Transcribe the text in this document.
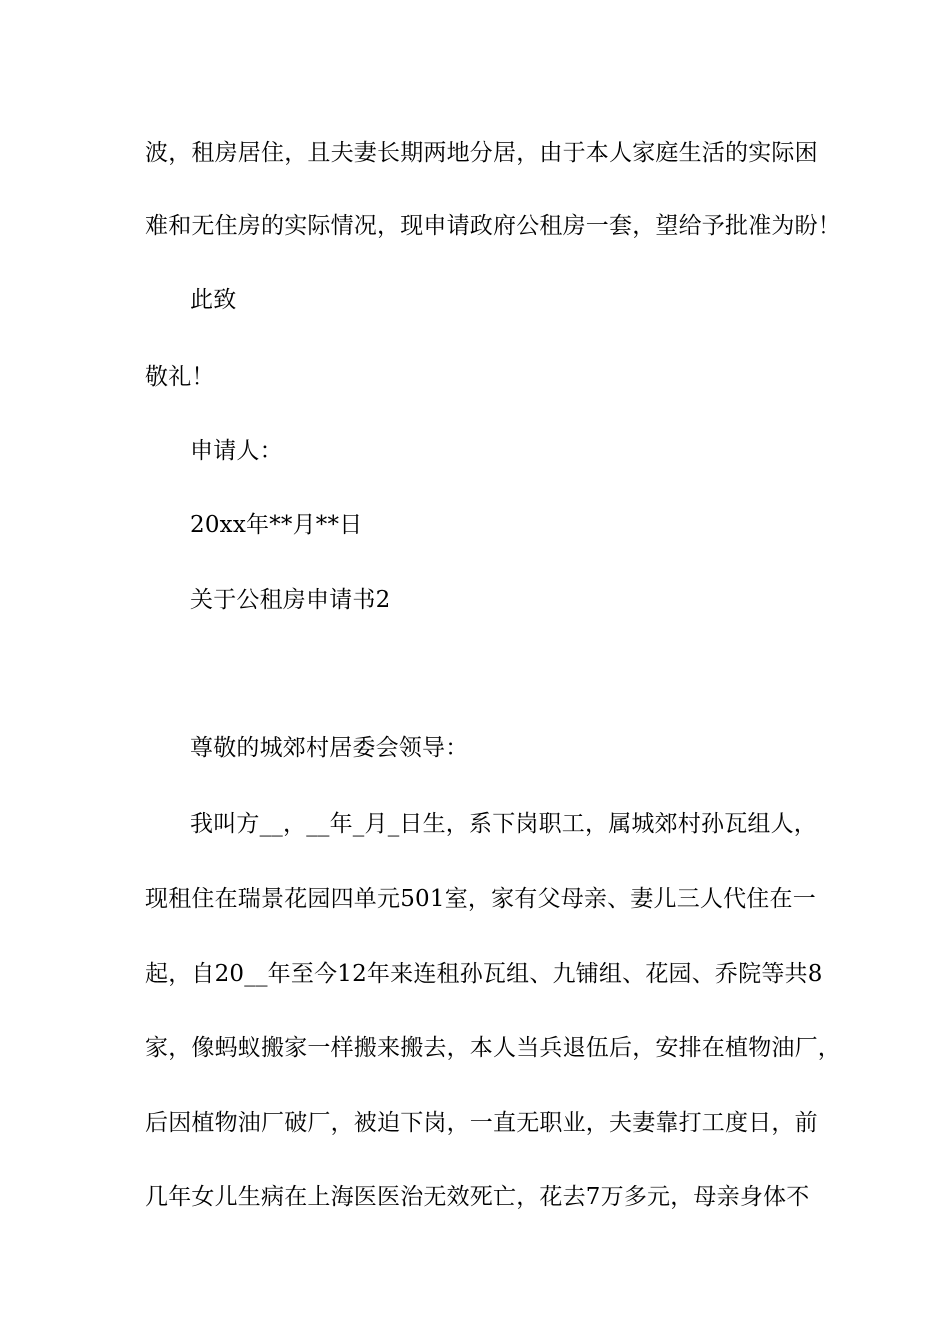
波，租房居住，且夫妻长期两地分居，由于本人家庭生活的实际困
难和无住房的实际情况，现申请政府公租房一套，望给予批准为盼！
此致
敬礼！
申请人：
20xx年**月**日
关于公租房申请书2
尊敬的城郊村居委会领导：
我叫方__，__年_月_日生，系下岗职工，属城郊村孙瓦组人，
现租住在瑞景花园四单元501室，家有父母亲、妻儿三人代住在一
起，自20__年至今12年来连租孙瓦组、九铺组、花园、乔院等共8
家，像蚂蚁搬家一样搬来搬去，本人当兵退伍后，安排在植物油厂，
后因植物油厂破厂，被迫下岗，一直无职业，夫妻靠打工度日，前
几年女儿生病在上海医医治无效死亡，花去7万多元，母亲身体不
